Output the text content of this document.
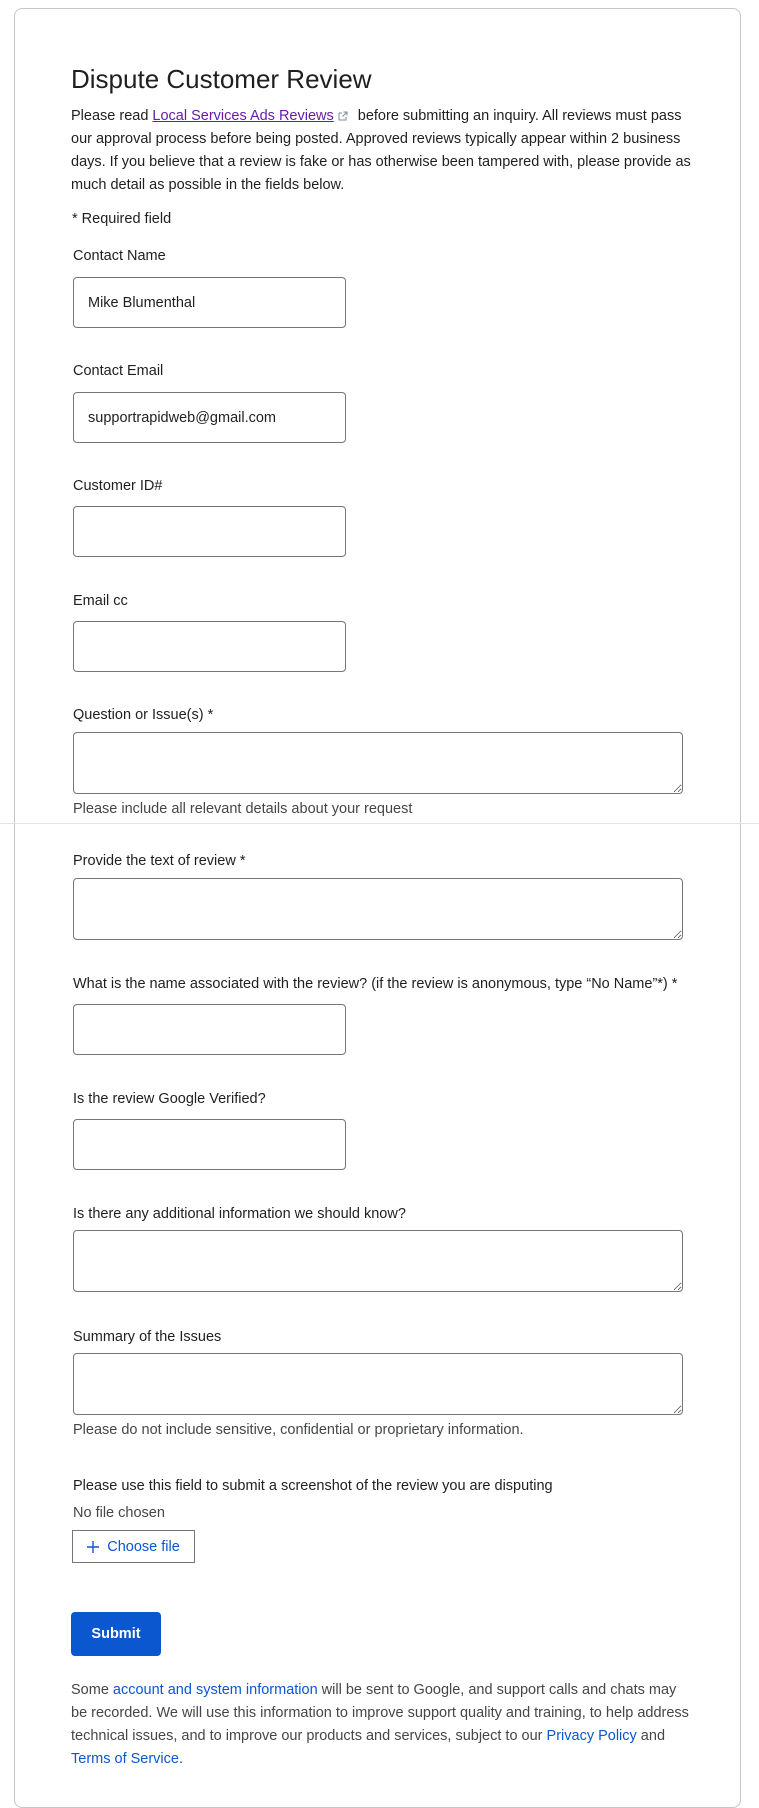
Dispute Customer Review
Please read Local Services Ads Reviews before submitting an inquiry. All reviews must pass our approval process before being posted. Approved reviews typically appear within 2 business days. If you believe that a review is fake or has otherwise been tampered with, please provide as much detail as possible in the fields below.
* Required field
Contact Name
Mike Blumenthal
Contact Email
supportrapidweb@gmail.com
Customer ID#
Email cc
Question or Issue(s) *
Please include all relevant details about your request
Provide the text of review *
What is the name associated with the review? (if the review is anonymous, type “No Name”*) *
Is the review Google Verified?
Is there any additional information we should know?
Summary of the Issues
Please do not include sensitive, confidential or proprietary information.
Please use this field to submit a screenshot of the review you are disputing
No file chosen
Choose file
Submit
Some account and system information will be sent to Google, and support calls and chats may be recorded. We will use this information to improve support quality and training, to help address technical issues, and to improve our products and services, subject to our Privacy Policy and Terms of Service.
